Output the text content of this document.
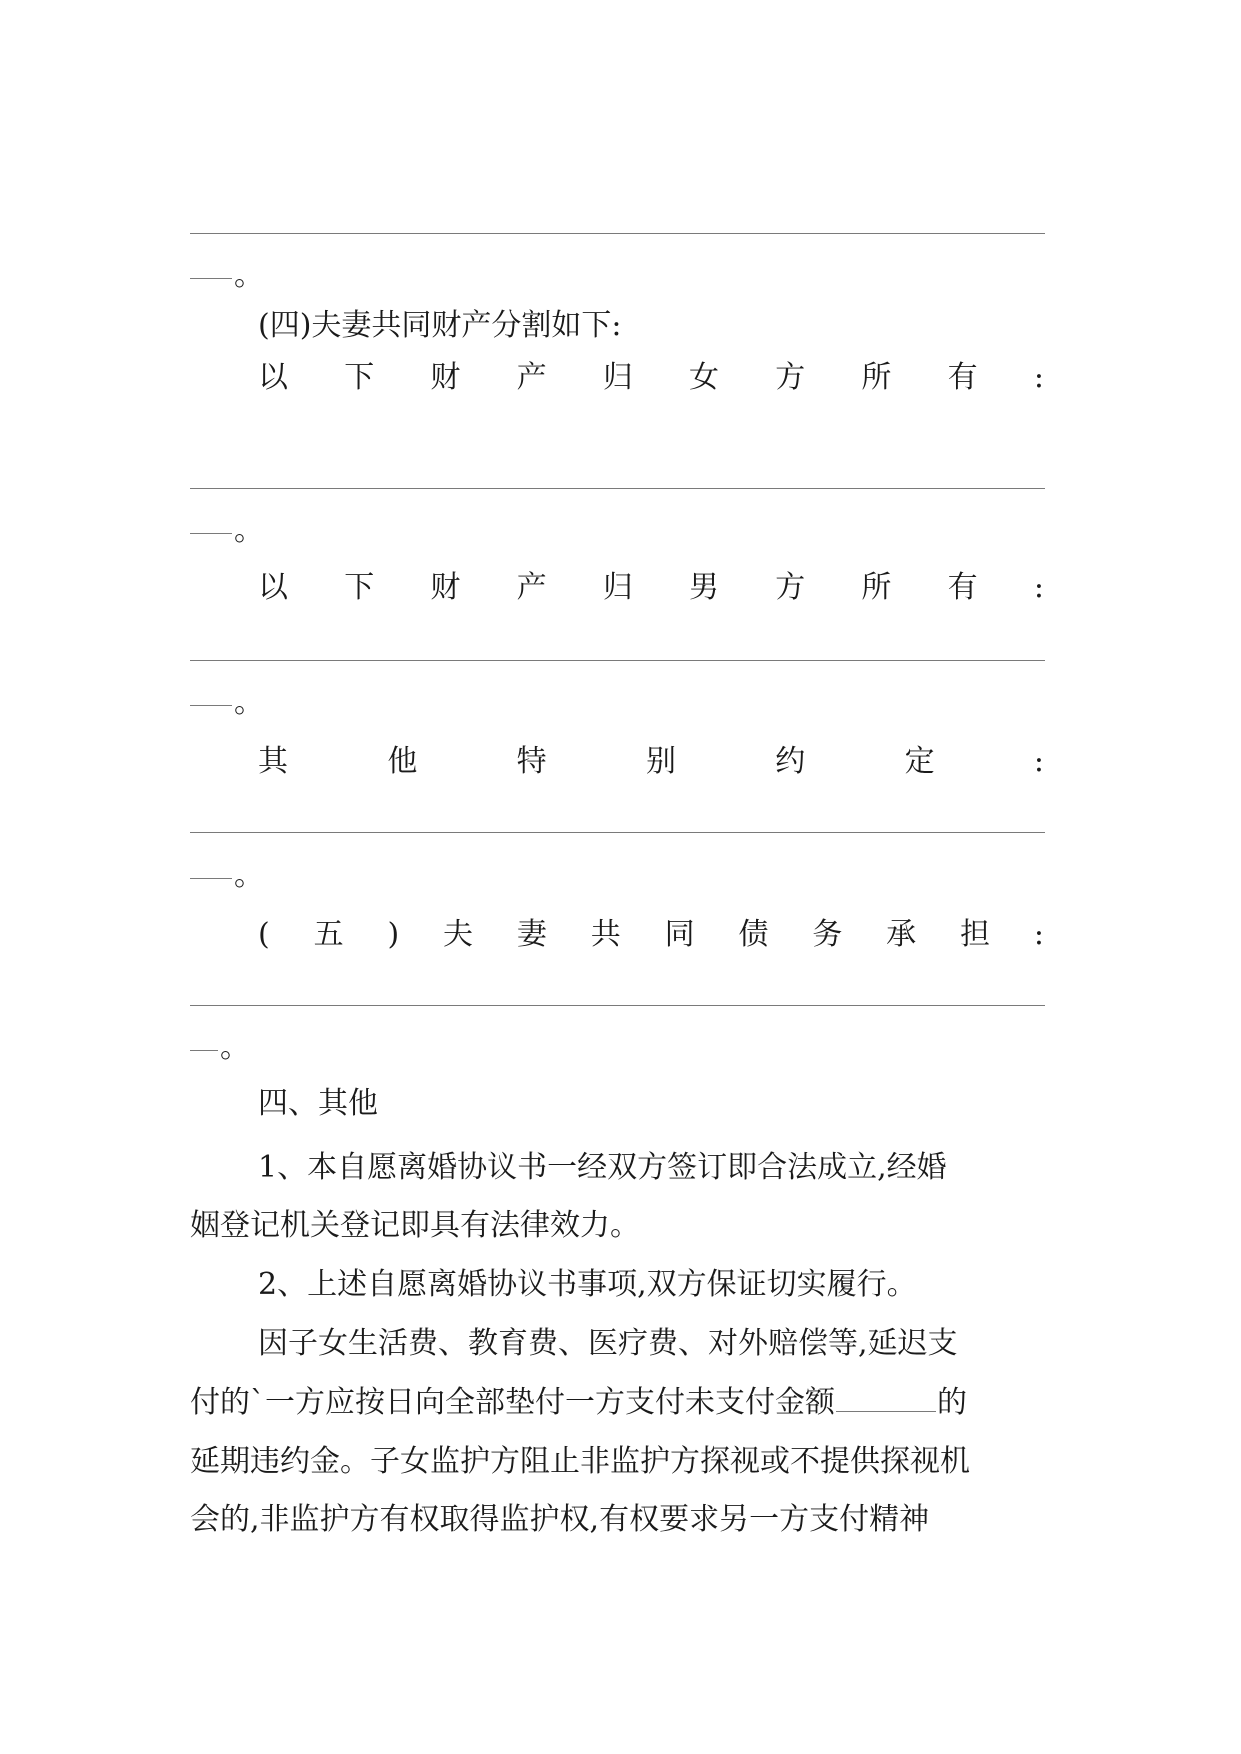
。
(四)夫妻共同财产分割如下:
以 下 财 产 归 女 方 所 有 :
。
以 下 财 产 归 男 方 所 有 :
。
其	他	特	别	约	定	:
。
( 五 ) 夫 妻 共 同 债 务 承 担 :
。
四、其他
1、本自愿离婚协议书一经双方签订即合法成立,经婚
姻登记机关登记即具有法律效力。
2、上述自愿离婚协议书事项,双方保证切实履行。
因子女生活费、教育费、医疗费、对外赔偿等,延迟支
付的`一方应按日向全部垫付一方支付未支付金额	的
延期违约金。子女监护方阻止非监护方探视或不提供探视机
会的,非监护方有权取得监护权,有权要求另一方支付精神
